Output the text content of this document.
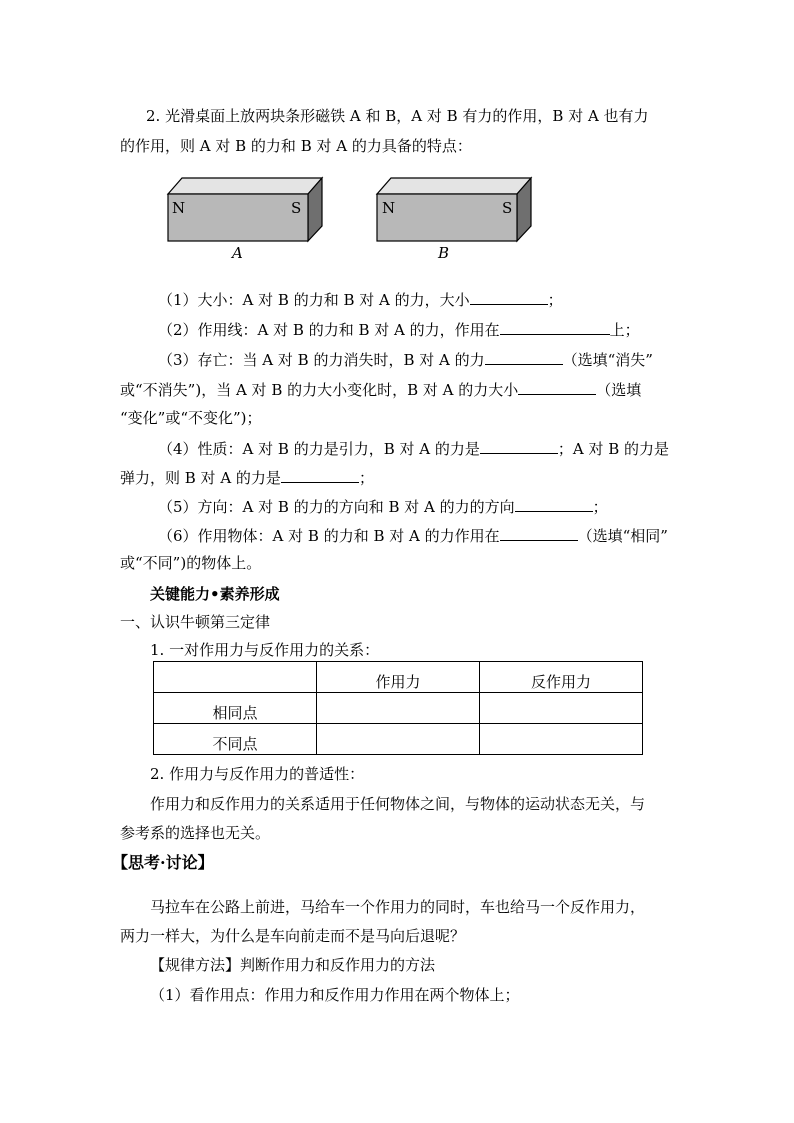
2. 光滑桌面上放两块条形磁铁 A 和 B，A 对 B 有力的作用，B 对 A 也有力
的作用，则 A 对 B 的力和 B 对 A 的力具备的特点：
N	S	N	S
A	B
（1）大小：A 对 B 的力和 B 对 A 的力，大小	；
（2）作用线：A 对 B 的力和 B 对 A 的力，作用在	上；
（3）存亡：当 A 对 B 的力消失时，B 对 A 的力	（选填“消失”
或“不消失”)，当 A 对 B 的力大小变化时，B 对 A 的力大小	（选填
“变化”或“不变化”)；
（4）性质：A 对 B 的力是引力，B 对 A 的力是	；A 对 B 的力是
弹力，则 B 对 A 的力是	；
（5）方向：A 对 B 的力的方向和 B 对 A 的力的方向	；
（6）作用物体：A 对 B 的力和 B 对 A 的力作用在	（选填“相同”
或“不同”)的物体上。
关键能力•素养形成
一、认识牛顿第三定律
1. 一对作用力与反作用力的关系：
	作用力	反作用力
相同点		
不同点		
2. 作用力与反作用力的普适性：
作用力和反作用力的关系适用于任何物体之间，与物体的运动状态无关，与
参考系的选择也无关。
【思考·讨论】
马拉车在公路上前进，马给车一个作用力的同时，车也给马一个反作用力，
两力一样大，为什么是车向前走而不是马向后退呢？
【规律方法】判断作用力和反作用力的方法
（1）看作用点：作用力和反作用力作用在两个物体上；
